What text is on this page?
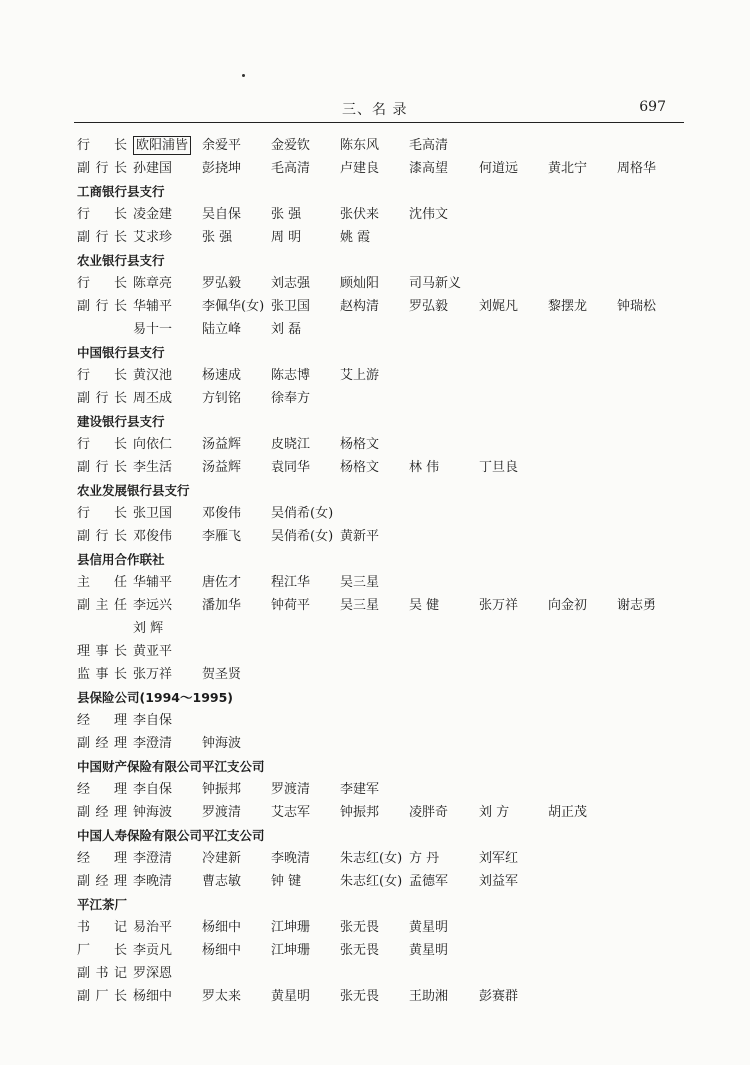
三、名 录	697
行 长 欧阳浦皆 余爱平 金爱钦 陈东风 毛高清
副行长 孙建国 彭挠坤 毛高清 卢建良 漆高望 何道远 黄北宁 周格华
工商银行县支行
行 长 凌金建 吴自保 张 强	张伏来 沈伟文
副行长 艾求珍 张 强	周 明	姚 霞
农业银行县支行
行 长 陈章亮 罗弘毅 刘志强 顾灿阳 司马新义
副行长 华辅平 李佩华(女) 张卫国 赵构清 罗弘毅 刘娓凡 黎摆龙 钟瑞松
易十一 陆立峰 刘 磊
中国银行县支行
行 长 黄汉池 杨速成 陈志博 艾上游
副行长 周丕成 方钊铭 徐奉方
建设银行县支行
行 长 向依仁 汤益辉 皮晓江 杨格文
副行长 李生活 汤益辉 袁同华 杨格文 林 伟	丁旦良
农业发展银行县支行
行 长 张卫国 邓俊伟 吴俏希(女)
副行长 邓俊伟 李雁飞 吴俏希(女) 黄新平
县信用合作联社
主 任 华辅平 唐佐才 程江华 吴三星
副主任 李远兴 潘加华 钟荷平 吴三星 吴 健	张万祥 向金初 谢志勇
刘 辉
理事长 黄亚平
监事长 张万祥 贺圣贤
县保险公司(1994～1995)
经 理 李自保
副经理 李澄清 钟海波
中国财产保险有限公司平江支公司
经 理 李自保 钟振邦 罗渡清 李建军
副经理 钟海波 罗渡清 艾志军 钟振邦 凌胖奇 刘 方	胡正茂
中国人寿保险有限公司平江支公司
经 理 李澄清 冷建新 李晚清 朱志红(女) 方 丹	刘军红
副经理 李晚清 曹志敏 钟 键	朱志红(女) 孟德军 刘益军
平江茶厂
书 记 易治平 杨细中 江坤珊 张无畏 黄星明
厂 长 李贡凡 杨细中 江坤珊 张无畏 黄星明
副书记 罗深恩
副厂长 杨细中 罗太来 黄星明 张无畏 王助湘 彭赛群
